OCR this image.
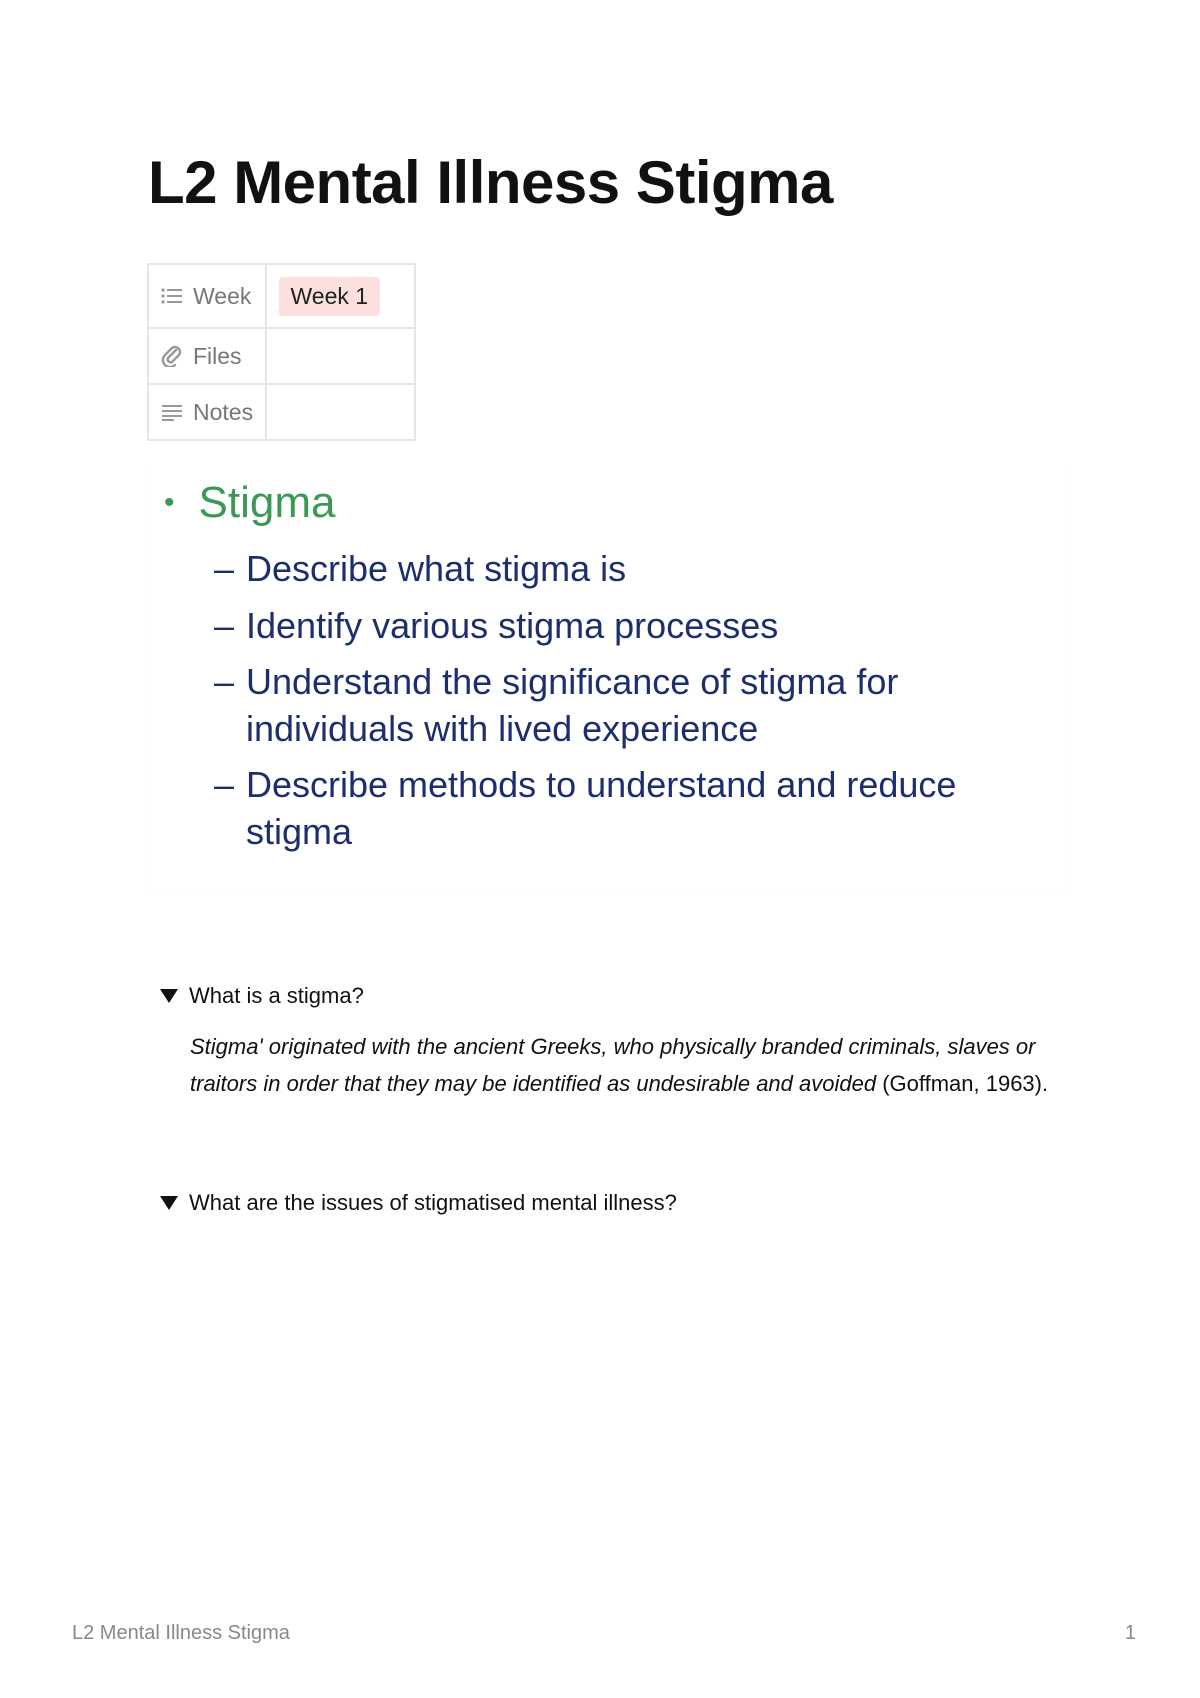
L2 Mental Illness Stigma
Week	Week 1

Files	

Notes	

• Stigma
– Describe what stigma is
– Identify various stigma processes
– Understand the significance of stigma for individuals with lived experience
– Describe methods to understand and reduce stigma
What is a stigma?
Stigma' originated with the ancient Greeks, who physically branded criminals, slaves or traitors in order that they may be identified as undesirable and avoided (Goffman, 1963).
What are the issues of stigmatised mental illness?
L2 Mental Illness Stigma	1
